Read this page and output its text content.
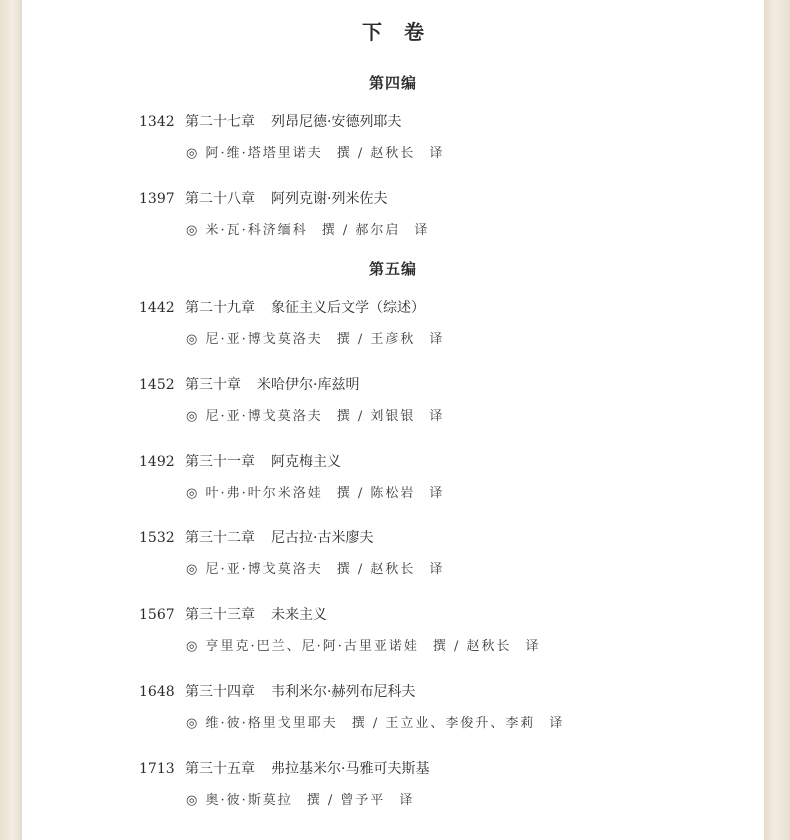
下卷
第四编
1342 第二十七章 列昂尼德·安德列耶夫
◎ 阿·维·塔塔里诺夫 撰 / 赵秋长 译
1397 第二十八章 阿列克谢·列米佐夫
◎ 米·瓦·科济缅科 撰 / 郝尔启 译
第五编
1442 第二十九章 象征主义后文学（综述）
◎ 尼·亚·博戈莫洛夫 撰 / 王彦秋 译
1452 第三十章 米哈伊尔·库兹明
◎ 尼·亚·博戈莫洛夫 撰 / 刘银银 译
1492 第三十一章 阿克梅主义
◎ 叶·弗·叶尔米洛娃 撰 / 陈松岩 译
1532 第三十二章 尼古拉·古米廖夫
◎ 尼·亚·博戈莫洛夫 撰 / 赵秋长 译
1567 第三十三章 未来主义
◎ 亨里克·巴兰、尼·阿·古里亚诺娃 撰 / 赵秋长 译
1648 第三十四章 韦利米尔·赫列布尼科夫
◎ 维·彼·格里戈里耶夫 撰 / 王立业、李俊升、李莉 译
1713 第三十五章 弗拉基米尔·马雅可夫斯基
◎ 奥·彼·斯莫拉 撰 / 曾予平 译
